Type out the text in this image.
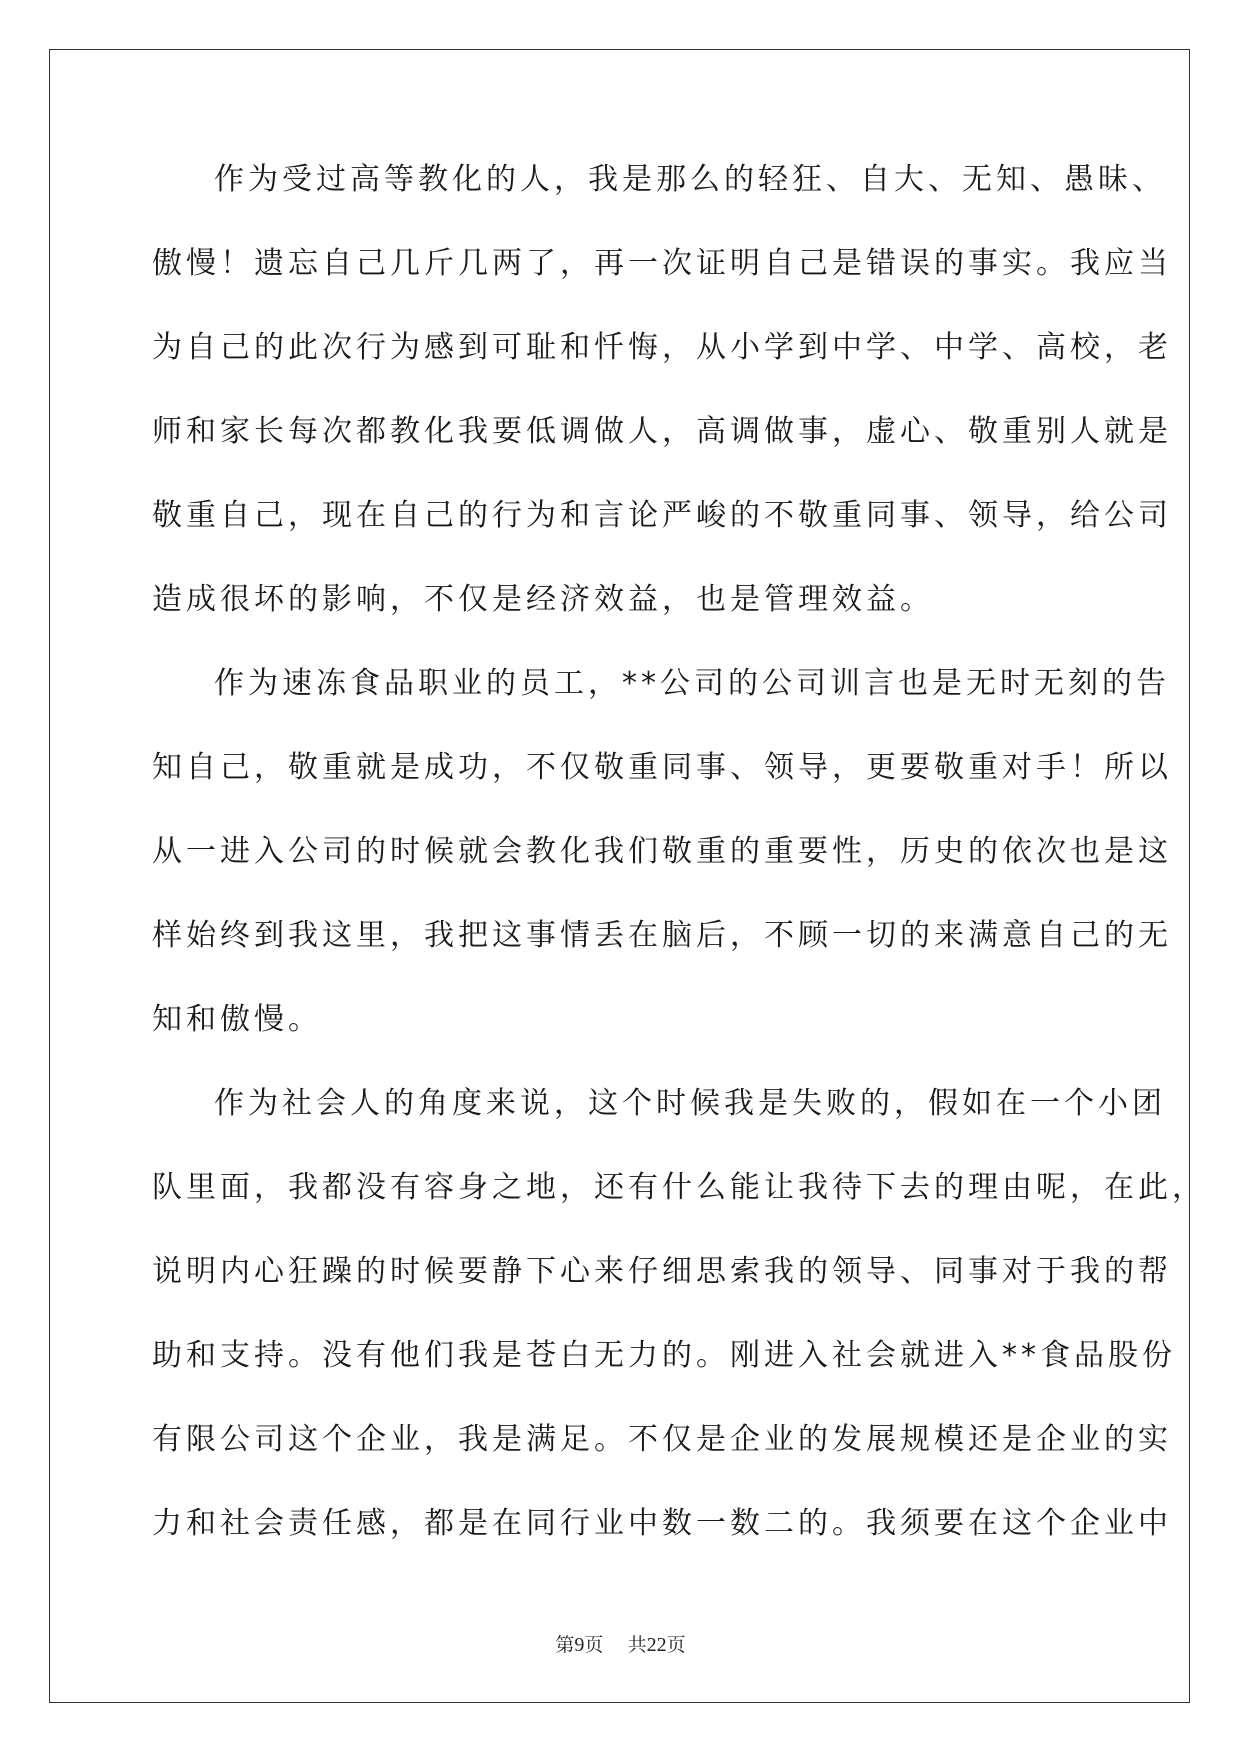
作为受过高等教化的人，我是那么的轻狂、自大、无知、愚昧、
傲慢！遗忘自己几斤几两了，再一次证明自己是错误的事实。我应当
为自己的此次行为感到可耻和忏悔，从小学到中学、中学、高校，老
师和家长每次都教化我要低调做人，高调做事，虚心、敬重别人就是
敬重自己，现在自己的行为和言论严峻的不敬重同事、领导，给公司
造成很坏的影响，不仅是经济效益，也是管理效益。
作为速冻食品职业的员工，**公司的公司训言也是无时无刻的告
知自己，敬重就是成功，不仅敬重同事、领导，更要敬重对手！所以
从一进入公司的时候就会教化我们敬重的重要性，历史的依次也是这
样始终到我这里，我把这事情丢在脑后，不顾一切的来满意自己的无
知和傲慢。
作为社会人的角度来说，这个时候我是失败的，假如在一个小团
队里面，我都没有容身之地，还有什么能让我待下去的理由呢，在此，
说明内心狂躁的时候要静下心来仔细思索我的领导、同事对于我的帮
助和支持。没有他们我是苍白无力的。刚进入社会就进入**食品股份
有限公司这个企业，我是满足。不仅是企业的发展规模还是企业的实
力和社会责任感，都是在同行业中数一数二的。我须要在这个企业中
第9页 共22页
